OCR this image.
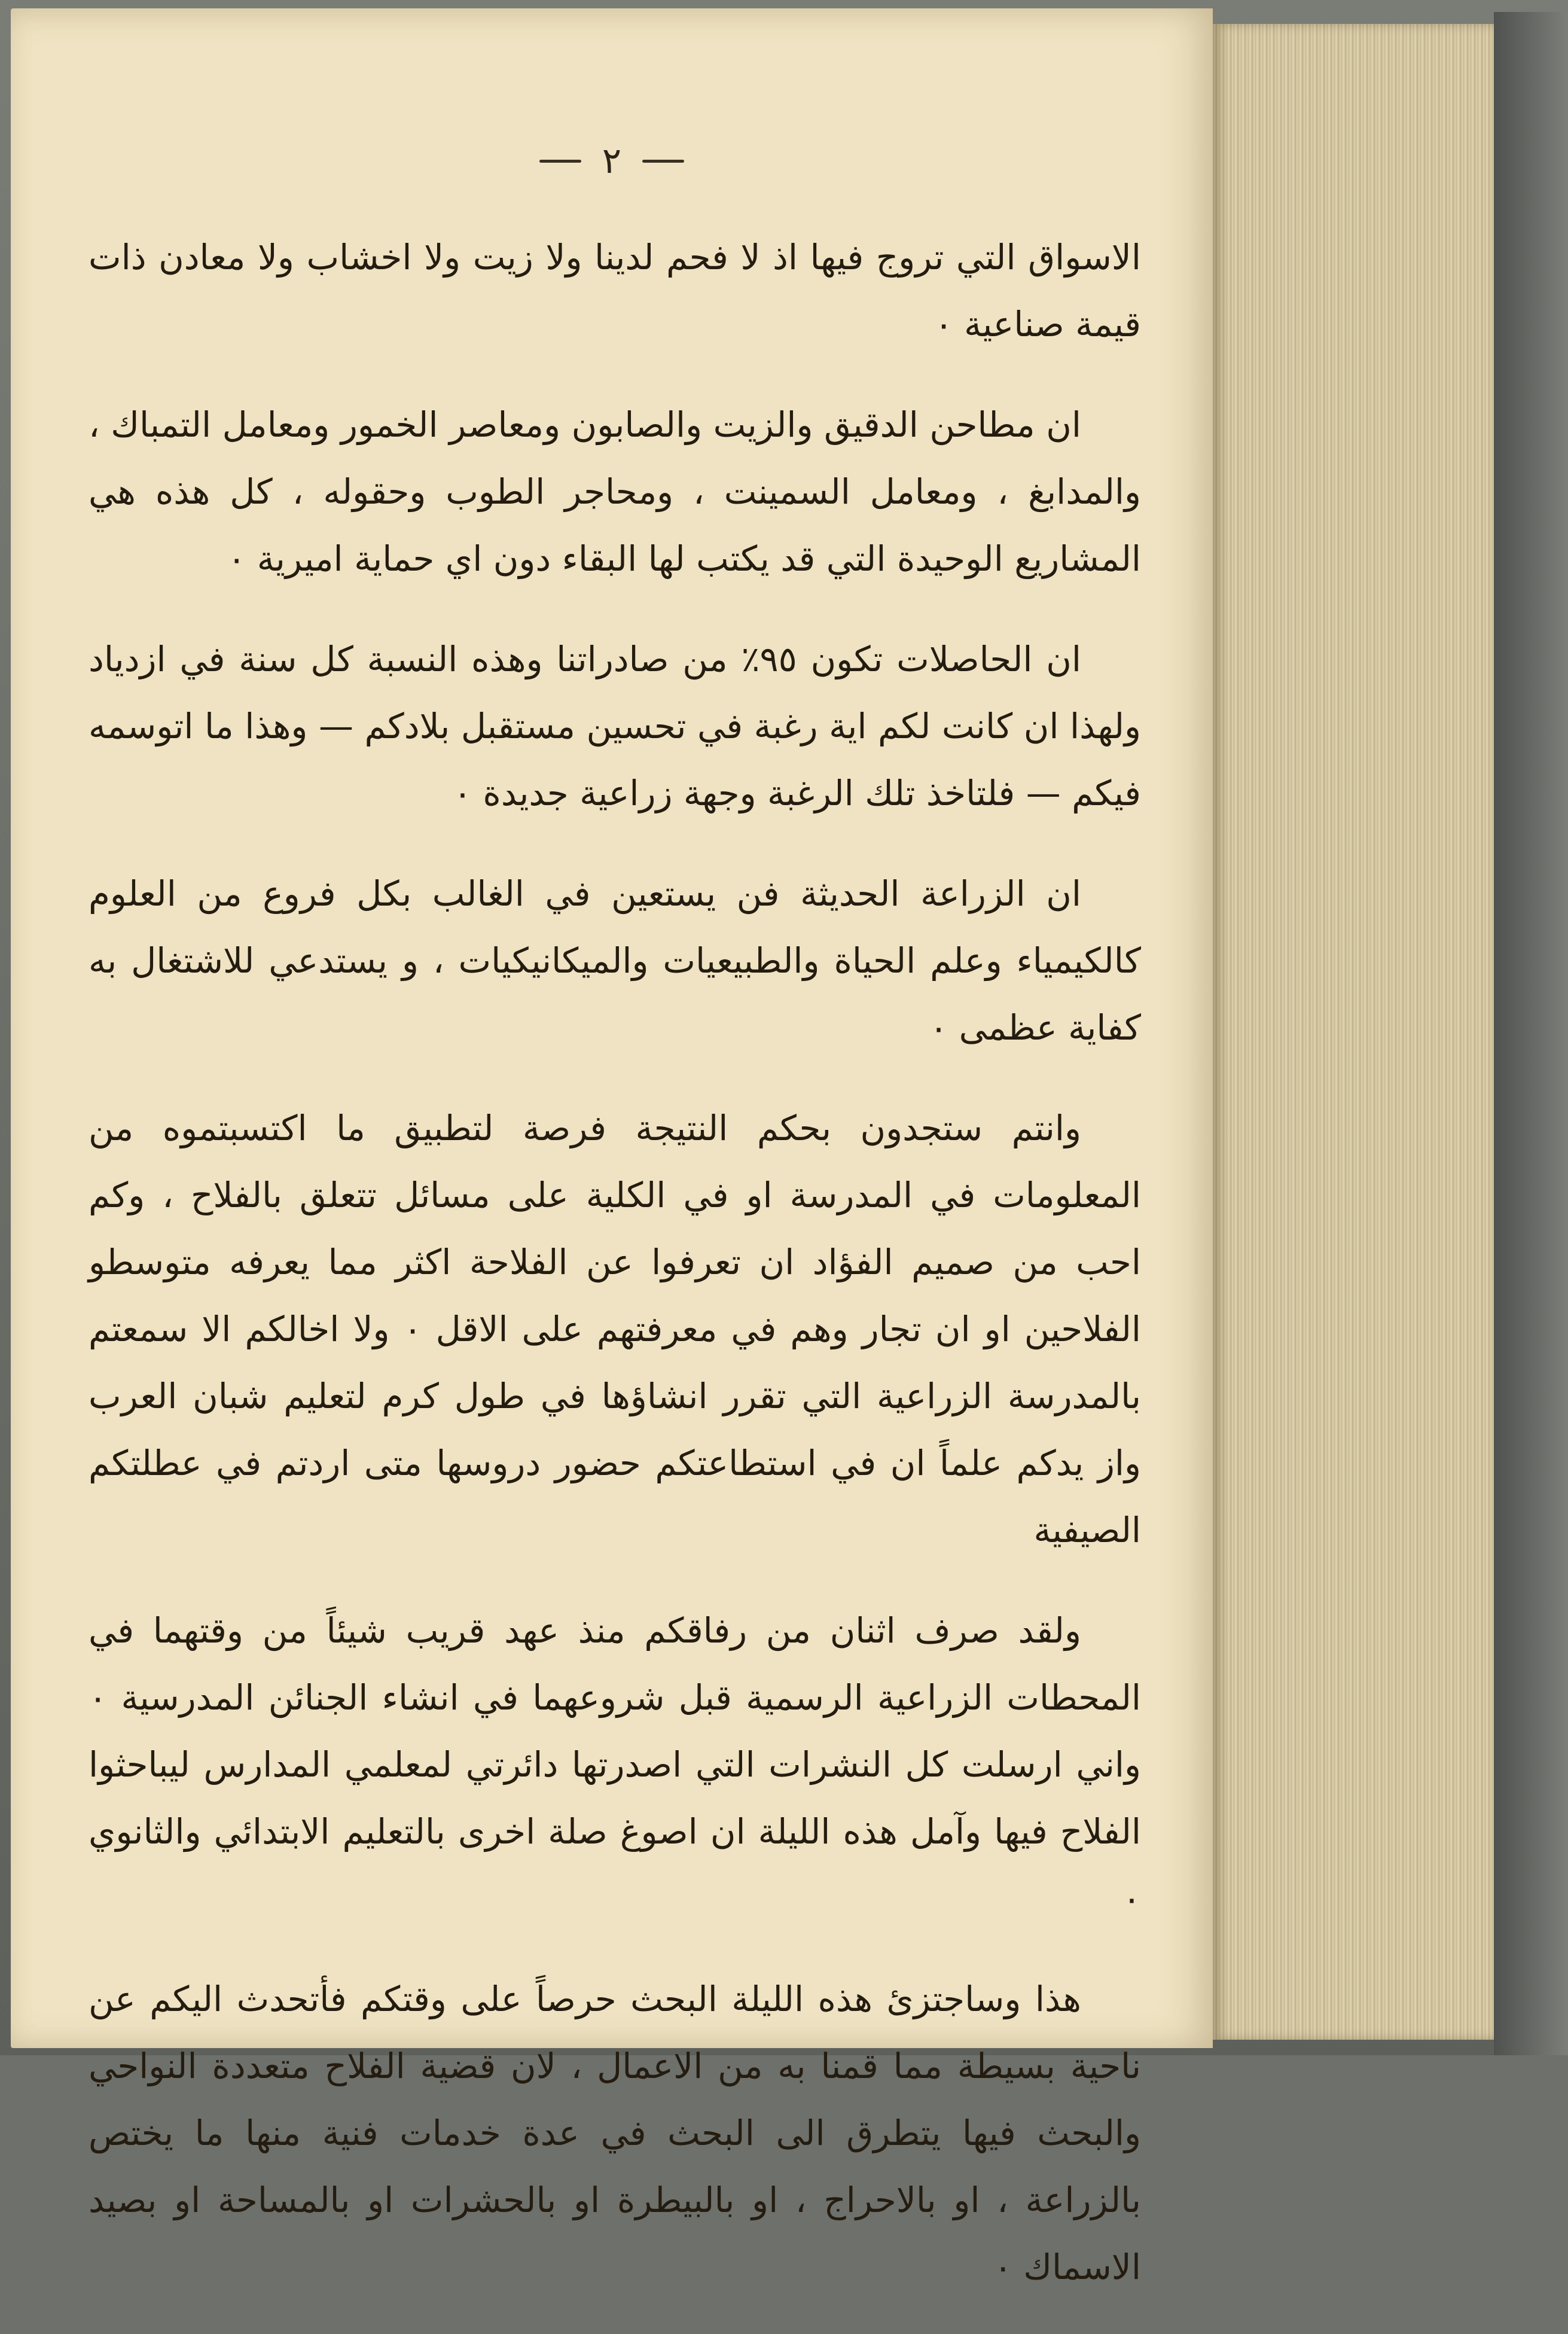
٢

الاسواق التي تروج فيها اذ لا فحم لدينا ولا زيت ولا اخشاب ولا معادن ذات قيمة صناعية ٠

ان مطاحن الدقيق والزيت والصابون ومعاصر الخمور ومعامل التمباك ، والمدابغ ، ومعامل السمينت ، ومحاجر الطوب وحقوله ، كل هذه هي المشاريع الوحيدة التي قد يكتب لها البقاء دون اي حماية اميرية ٠

ان الحاصلات تكون ٩٥٪ من صادراتنا وهذه النسبة كل سنة في ازدياد ولهذا ان كانت لكم اية رغبة في تحسين مستقبل بلادكم — وهذا ما اتوسمه فيكم — فلتاخذ تلك الرغبة وجهة زراعية جديدة ٠

ان الزراعة الحديثة فن يستعين في الغالب بكل فروع من العلوم كالكيمياء وعلم الحياة والطبيعيات والميكانيكيات ، و يستدعي للاشتغال به كفاية عظمى ٠

وانتم ستجدون بحكم النتيجة فرصة لتطبيق ما اكتسبتموه من المعلومات في المدرسة او في الكلية على مسائل تتعلق بالفلاح ، وكم احب من صميم الفؤاد ان تعرفوا عن الفلاحة اكثر مما يعرفه متوسطو الفلاحين او ان تجار وهم في معرفتهم على الاقل ٠ ولا اخالكم الا سمعتم بالمدرسة الزراعية التي تقرر انشاؤها في طول كرم لتعليم شبان العرب واز يدكم علماً ان في استطاعتكم حضور دروسها متى اردتم في عطلتكم الصيفية

ولقد صرف اثنان من رفاقكم منذ عهد قريب شيئاً من وقتهما في المحطات الزراعية الرسمية قبل شروعهما في انشاء الجنائن المدرسية ٠ واني ارسلت كل النشرات التي اصدرتها دائرتي لمعلمي المدارس ليباحثوا الفلاح فيها وآمل هذه الليلة ان اصوغ صلة اخرى بالتعليم الابتدائي والثانوي ٠

هذا وساجتزئ هذه الليلة البحث حرصاً على وقتكم فأتحدث اليكم عن ناحية بسيطة مما قمنا به من الاعمال ، لان قضية الفلاح متعددة النواحي والبحث فيها يتطرق الى البحث في عدة خدمات فنية منها ما يختص بالزراعة ، او بالاحراج ، او بالبيطرة او بالحشرات او بالمساحة او بصيد الاسماك ٠
